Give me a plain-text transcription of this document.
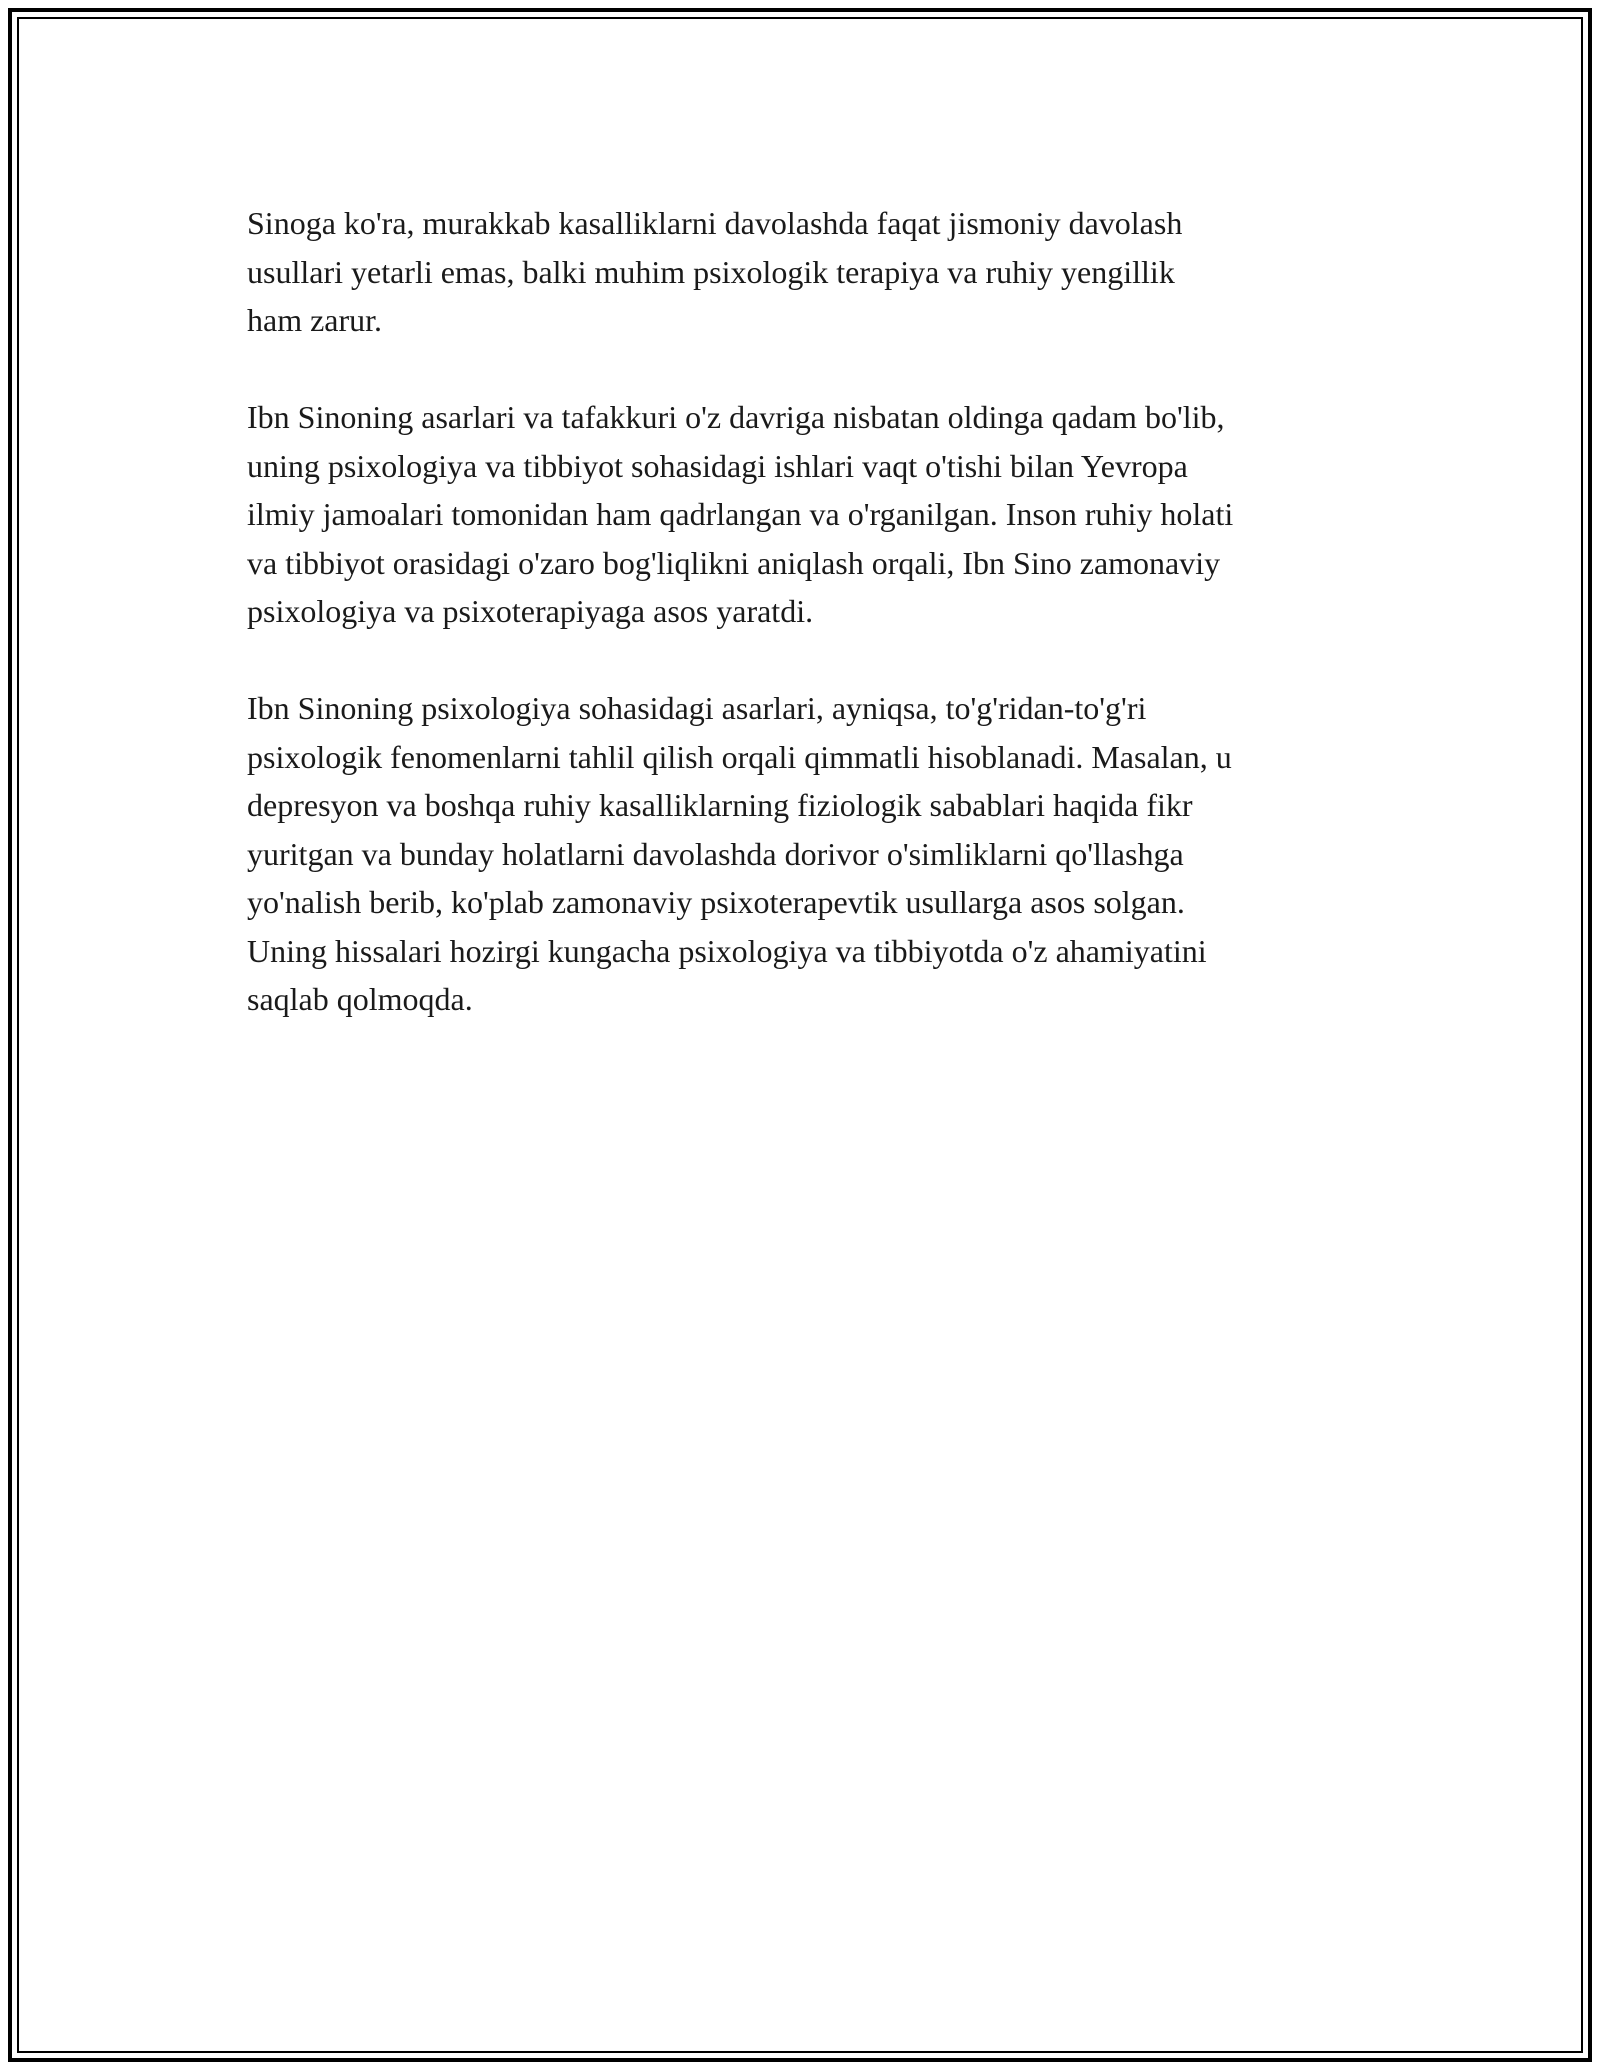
Sinoga ko'ra, murakkab kasalliklarni davolashda faqat jismoniy davolash
usullari yetarli emas, balki muhim psixologik terapiya va ruhiy yengillik
ham zarur.

Ibn Sinoning asarlari va tafakkuri o'z davriga nisbatan oldinga qadam bo'lib,
uning psixologiya va tibbiyot sohasidagi ishlari vaqt o'tishi bilan Yevropa
ilmiy jamoalari tomonidan ham qadrlangan va o'rganilgan. Inson ruhiy holati
va tibbiyot orasidagi o'zaro bog'liqlikni aniqlash orqali, Ibn Sino zamonaviy
psixologiya va psixoterapiyaga asos yaratdi.

Ibn Sinoning psixologiya sohasidagi asarlari, ayniqsa, to'g'ridan-to'g'ri
psixologik fenomenlarni tahlil qilish orqali qimmatli hisoblanadi. Masalan, u
depresyon va boshqa ruhiy kasalliklarning fiziologik sabablari haqida fikr
yuritgan va bunday holatlarni davolashda dorivor o'simliklarni qo'llashga
yo'nalish berib, ko'plab zamonaviy psixoterapevtik usullarga asos solgan.
Uning hissalari hozirgi kungacha psixologiya va tibbiyotda o'z ahamiyatini
saqlab qolmoqda.
